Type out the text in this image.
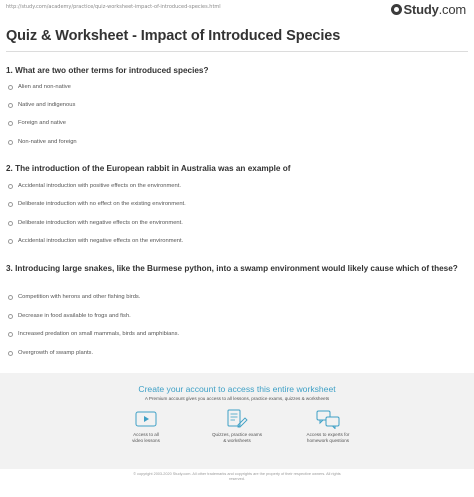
http://study.com/academy/practice/quiz-worksheet-impact-of-introduced-species.html	Study.com
Quiz & Worksheet - Impact of Introduced Species
1. What are two other terms for introduced species?
Alien and non-native
Native and indigenous
Foreign and native
Non-native and foreign
2. The introduction of the European rabbit in Australia was an example of
Accidental introduction with positive effects on the environment.
Deliberate introduction with no effect on the existing environment.
Deliberate introduction with negative effects on the environment.
Accidental introduction with negative effects on the environment.
3. Introducing large snakes, like the Burmese python, into a swamp environment would likely cause which of these?
Competition with herons and other fishing birds.
Decrease in food available to frogs and fish.
Increased predation on small mammals, birds and amphibians.
Overgrowth of swamp plants.
Create your account to access this entire worksheet
A Premium account gives you access to all lessons, practice exams, quizzes & worksheets
Access to all
video lessons
Quizzes, practice exams
& worksheets
Access to experts for
homework questions
© copyright 2003-2020 Study.com. All other trademarks and copyrights are the property of their respective owners. All rights
reserved.
